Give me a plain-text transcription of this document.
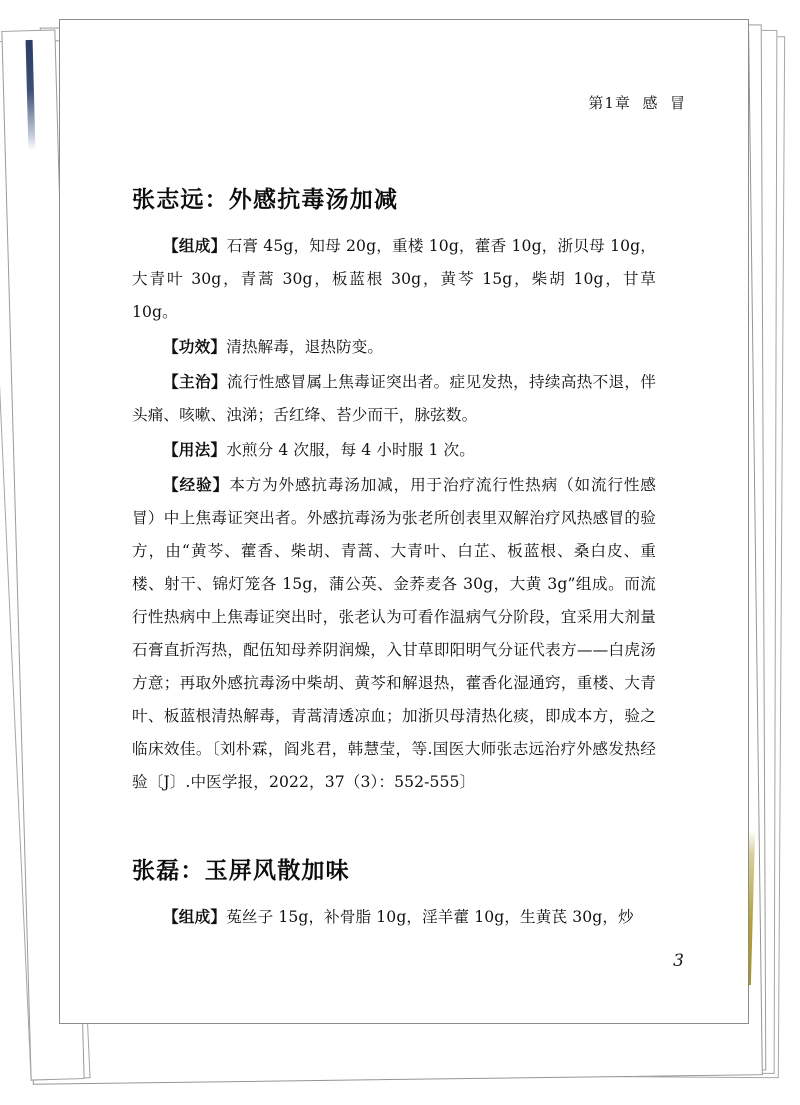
第1章  感  冒
张志远：外感抗毒汤加减

【组成】石膏 45g，知母 20g，重楼 10g，藿香 10g，浙贝母 10g，大青叶 30g，青蒿 30g，板蓝根 30g，黄芩 15g，柴胡 10g，甘草 10g。

【功效】清热解毒，退热防变。

【主治】流行性感冒属上焦毒证突出者。症见发热，持续高热不退，伴头痛、咳嗽、浊涕；舌红绛、苔少而干，脉弦数。

【用法】水煎分 4 次服，每 4 小时服 1 次。

【经验】本方为外感抗毒汤加减，用于治疗流行性热病（如流行性感冒）中上焦毒证突出者。外感抗毒汤为张老所创表里双解治疗风热感冒的验方，由“黄芩、藿香、柴胡、青蒿、大青叶、白芷、板蓝根、桑白皮、重楼、射干、锦灯笼各 15g，蒲公英、金荞麦各 30g，大黄 3g”组成。而流行性热病中上焦毒证突出时，张老认为可看作温病气分阶段，宜采用大剂量石膏直折泻热，配伍知母养阴润燥，入甘草即阳明气分证代表方——白虎汤方意；再取外感抗毒汤中柴胡、黄芩和解退热，藿香化湿通窍，重楼、大青叶、板蓝根清热解毒，青蒿清透凉血；加浙贝母清热化痰，即成本方，验之临床效佳。〔刘朴霖，阎兆君，韩慧莹，等.国医大师张志远治疗外感发热经验〔J〕.中医学报，2022，37（3）：552-555〕

张磊：玉屏风散加味

【组成】菟丝子 15g，补骨脂 10g，淫羊藿 10g，生黄芪 30g，炒

3
